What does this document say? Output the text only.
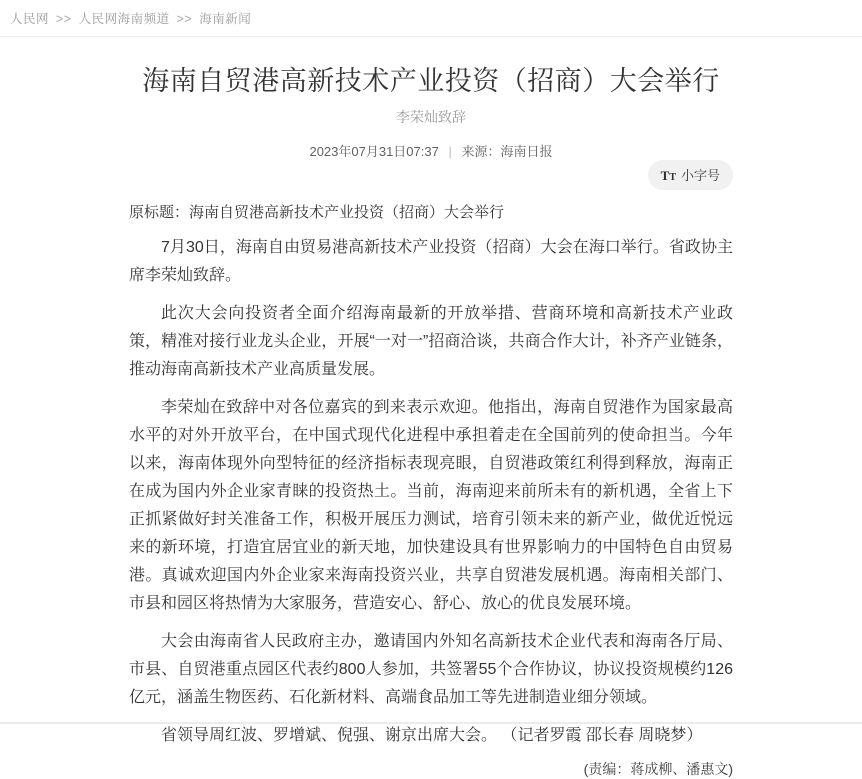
人民网 >> 人民网海南频道 >> 海南新闻
海南自贸港高新技术产业投资（招商）大会举行
李荣灿致辞
2023年07月31日07:37 | 来源：海南日报
TT 小字号
原标题：海南自贸港高新技术产业投资（招商）大会举行

7月30日，海南自由贸易港高新技术产业投资（招商）大会在海口举行。省政协主席李荣灿致辞。

此次大会向投资者全面介绍海南最新的开放举措、营商环境和高新技术产业政策，精准对接行业龙头企业，开展“一对一”招商洽谈，共商合作大计，补齐产业链条，推动海南高新技术产业高质量发展。

李荣灿在致辞中对各位嘉宾的到来表示欢迎。他指出，海南自贸港作为国家最高水平的对外开放平台，在中国式现代化进程中承担着走在全国前列的使命担当。今年以来，海南体现外向型特征的经济指标表现亮眼，自贸港政策红利得到释放，海南正在成为国内外企业家青睐的投资热土。当前，海南迎来前所未有的新机遇，全省上下正抓紧做好封关准备工作，积极开展压力测试，培育引领未来的新产业，做优近悦远来的新环境，打造宜居宜业的新天地，加快建设具有世界影响力的中国特色自由贸易港。真诚欢迎国内外企业家来海南投资兴业，共享自贸港发展机遇。海南相关部门、市县和园区将热情为大家服务，营造安心、舒心、放心的优良发展环境。

大会由海南省人民政府主办，邀请国内外知名高新技术企业代表和海南各厅局、市县、自贸港重点园区代表约800人参加，共签署55个合作协议，协议投资规模约126亿元，涵盖生物医药、石化新材料、高端食品加工等先进制造业细分领域。

省领导周红波、罗增斌、倪强、谢京出席大会。 （记者罗霞 邵长春 周晓梦）

(责编：蒋成柳、潘惠文)
